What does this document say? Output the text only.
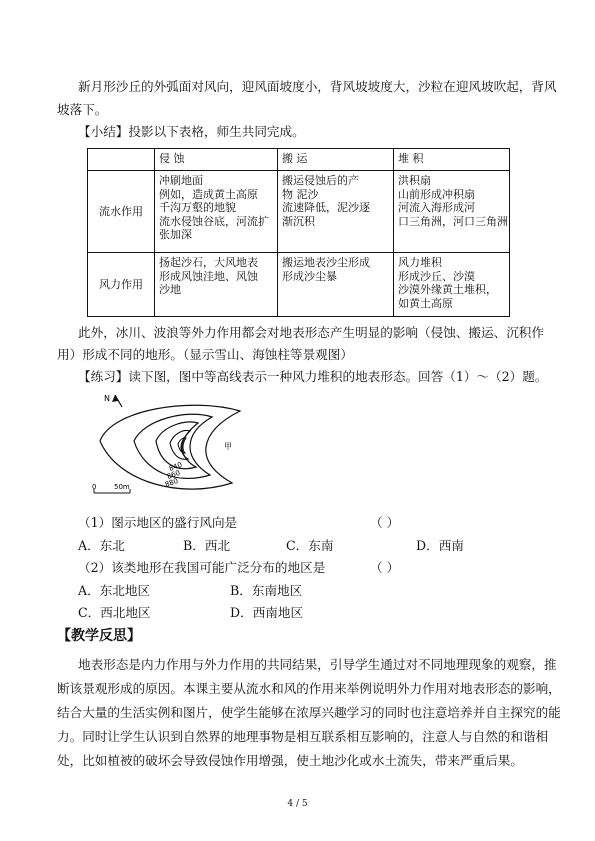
新月形沙丘的外弧面对风向，迎风面坡度小，背风坡坡度大，沙粒在迎风坡吹起，背风
坡落下。
【小结】投影以下表格，师生共同完成。

	侵 蚀	搬 运	堆 积

流水作用	冲刷地面
例如，造成黄土高原
千沟万壑的地貌
流水侵蚀谷底，河流扩
张加深	搬运侵蚀后的产
物 泥沙
流速降低，泥沙逐
渐沉积	洪积扇
山前形成冲积扇
河流入海形成河
口三角洲，河口三角洲

风力作用	扬起沙石，大风地表
形成风蚀洼地、风蚀
沙地	搬运地表沙尘形成
形成沙尘暴	风力堆积
形成沙丘、沙漠
沙漠外缘黄土堆积，
如黄土高原
此外，冰川、波浪等外力作用都会对地表形态产生明显的影响（侵蚀、搬运、沉积作
用）形成不同的地形。（显示雪山、海蚀柱等景观图）
【练习】读下图，图中等高线表示一种风力堆积的地表形态。回答（1）～（2）题。
N
甲
840
860
880
0	50m
（1）图示地区的盛行风向是	（ ）
A．东北	B．西北	C．东南	D．西南
（2）该类地形在我国可能广泛分布的地区是	（ ）
A．东北地区	B．东南地区
C．西北地区	D．西南地区
【教学反思】
地表形态是内力作用与外力作用的共同结果，引导学生通过对不同地理现象的观察，推
断该景观形成的原因。本课主要从流水和风的作用来举例说明外力作用对地表形态的影响，
结合大量的生活实例和图片，使学生能够在浓厚兴趣学习的同时也注意培养并自主探究的能
力。同时让学生认识到自然界的地理事物是相互联系相互影响的，注意人与自然的和谐相
处，比如植被的破坏会导致侵蚀作用增强，使土地沙化或水土流失，带来严重后果。
4 / 5
